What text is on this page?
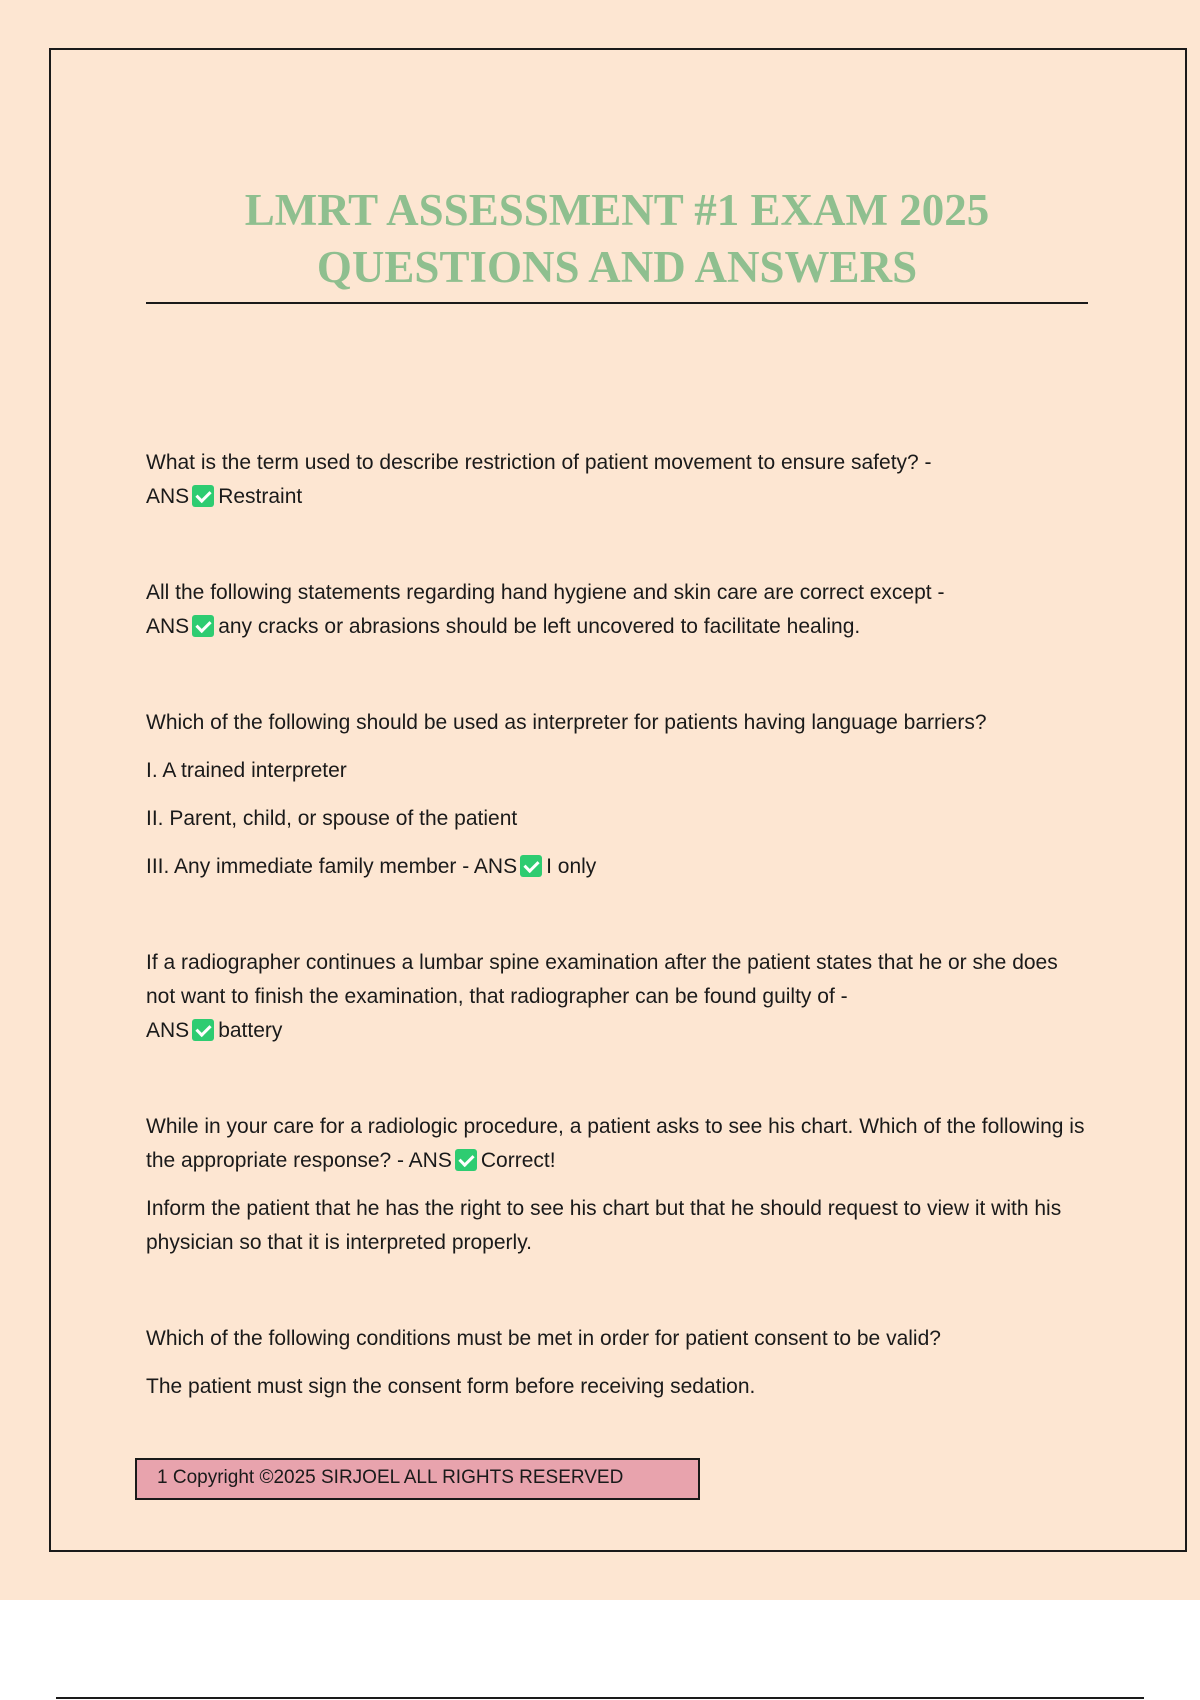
LMRT ASSESSMENT #1 EXAM 2025
QUESTIONS AND ANSWERS

What is the term used to describe restriction of patient movement to ensure safety? -
ANS Restraint

All the following statements regarding hand hygiene and skin care are correct except -
ANS any cracks or abrasions should be left uncovered to facilitate healing.

Which of the following should be used as interpreter for patients having language barriers?

I. A trained interpreter

II. Parent, child, or spouse of the patient

III. Any immediate family member - ANS I only

If a radiographer continues a lumbar spine examination after the patient states that he or she does not want to finish the examination, that radiographer can be found guilty of -
ANS battery

While in your care for a radiologic procedure, a patient asks to see his chart. Which of the following is the appropriate response? - ANS Correct!

Inform the patient that he has the right to see his chart but that he should request to view it with his physician so that it is interpreted properly.

Which of the following conditions must be met in order for patient consent to be valid?

The patient must sign the consent form before receiving sedation.

1 Copyright ©2025 SIRJOEL ALL RIGHTS RESERVED
